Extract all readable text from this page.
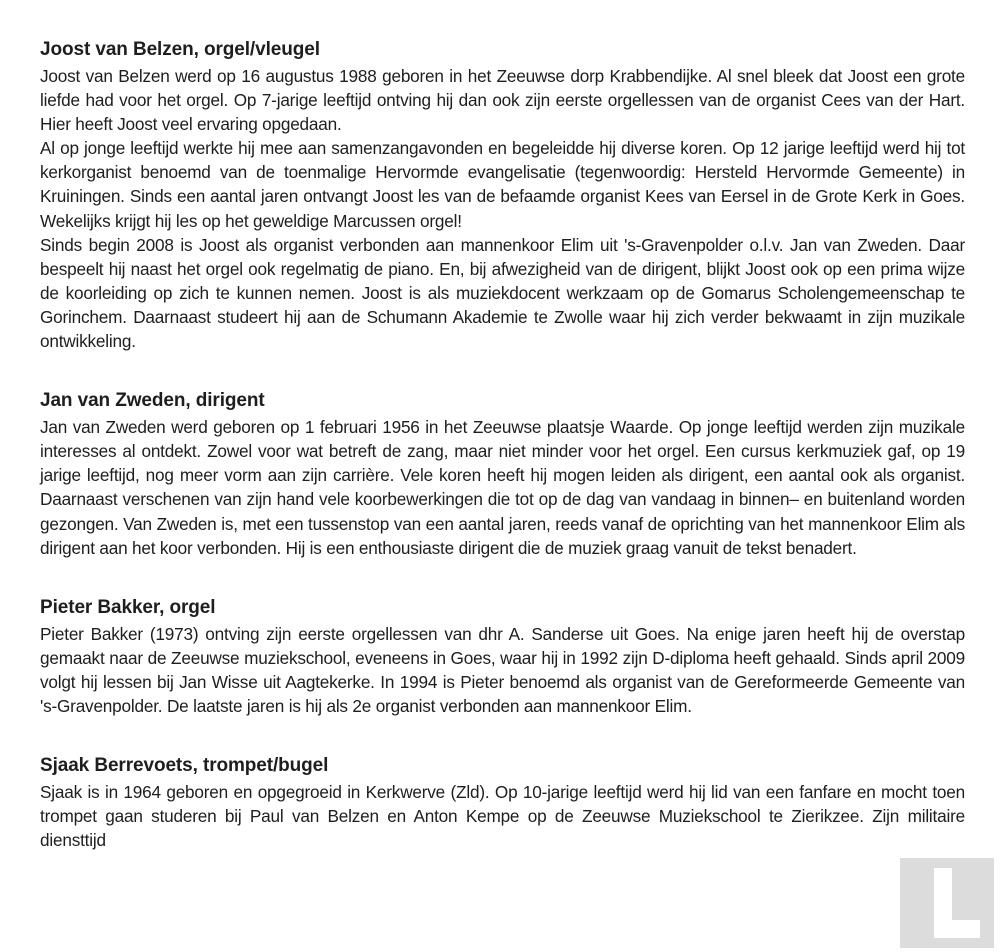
Joost van Belzen, orgel/vleugel

Joost van Belzen werd op 16 augustus 1988 geboren in het Zeeuwse dorp Krabbendijke. Al snel bleek dat Joost een grote liefde had voor het orgel. Op 7-jarige leeftijd ontving hij dan ook zijn eerste orgellessen van de organist Cees van der Hart. Hier heeft Joost veel ervaring opgedaan.

Al op jonge leeftijd werkte hij mee aan samenzangavonden en begeleidde hij diverse koren. Op 12 jarige leeftijd werd hij tot kerkorganist benoemd van de toenmalige Hervormde evangelisatie (tegenwoordig: Hersteld Hervormde Gemeente) in Kruiningen. Sinds een aantal jaren ontvangt Joost les van de befaamde organist Kees van Eersel in de Grote Kerk in Goes. Wekelijks krijgt hij les op het geweldige Marcussen orgel!

Sinds begin 2008 is Joost als organist verbonden aan mannenkoor Elim uit 's-Gravenpolder o.l.v. Jan van Zweden. Daar bespeelt hij naast het orgel ook regelmatig de piano. En, bij afwezigheid van de dirigent, blijkt Joost ook op een prima wijze de koorleiding op zich te kunnen nemen. Joost is als muziekdocent werkzaam op de Gomarus Scholengemeenschap te Gorinchem. Daarnaast studeert hij aan de Schumann Akademie te Zwolle waar hij zich verder bekwaamt in zijn muzikale ontwikkeling.

Jan van Zweden, dirigent

Jan van Zweden werd geboren op 1 februari 1956 in het Zeeuwse plaatsje Waarde. Op jonge leeftijd werden zijn muzikale interesses al ontdekt. Zowel voor wat betreft de zang, maar niet minder voor het orgel. Een cursus kerkmuziek gaf, op 19 jarige leeftijd, nog meer vorm aan zijn carrière. Vele koren heeft hij mogen leiden als dirigent, een aantal ook als organist. Daarnaast verschenen van zijn hand vele koorbewerkingen die tot op de dag van vandaag in binnen– en buitenland worden gezongen. Van Zweden is, met een tussenstop van een aantal jaren, reeds vanaf de oprichting van het mannenkoor Elim als dirigent aan het koor verbonden. Hij is een enthousiaste dirigent die de muziek graag vanuit de tekst benadert.

Pieter Bakker, orgel

Pieter Bakker (1973) ontving zijn eerste orgellessen van dhr A. Sanderse uit Goes. Na enige jaren heeft hij de overstap gemaakt naar de Zeeuwse muziekschool, eveneens in Goes, waar hij in 1992 zijn D-diploma heeft gehaald. Sinds april 2009 volgt hij lessen bij Jan Wisse uit Aagtekerke. In 1994 is Pieter benoemd als organist van de Gereformeerde Gemeente van 's-Gravenpolder. De laatste jaren is hij als 2e organist verbonden aan mannenkoor Elim.

Sjaak Berrevoets, trompet/bugel

Sjaak is in 1964 geboren en opgegroeid in Kerkwerve (Zld). Op 10-jarige leeftijd werd hij lid van een fanfare en mocht toen trompet gaan studeren bij Paul van Belzen en Anton Kempe op de Zeeuwse Muziekschool te Zierikzee. Zijn militaire diensttijd
